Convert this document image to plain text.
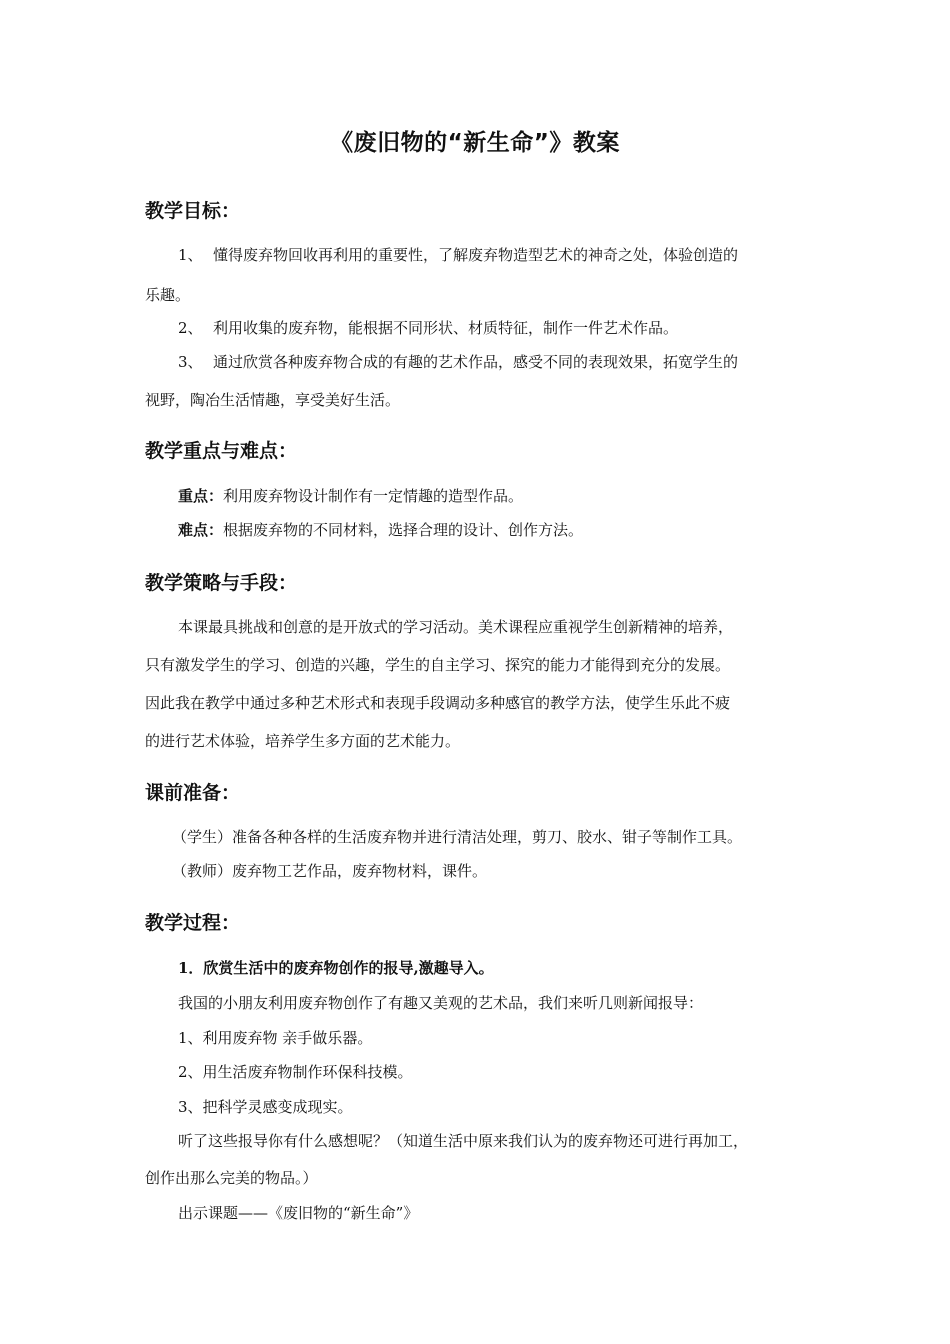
《废旧物的“新生命”》教案
教学目标：
1、 懂得废弃物回收再利用的重要性，了解废弃物造型艺术的神奇之处，体验创造的
乐趣。
2、 利用收集的废弃物，能根据不同形状、材质特征，制作一件艺术作品。
3、 通过欣赏各种废弃物合成的有趣的艺术作品，感受不同的表现效果，拓宽学生的
视野，陶冶生活情趣，享受美好生活。
教学重点与难点：
重点：利用废弃物设计制作有一定情趣的造型作品。
难点：根据废弃物的不同材料，选择合理的设计、创作方法。
教学策略与手段：
本课最具挑战和创意的是开放式的学习活动。美术课程应重视学生创新精神的培养，
只有激发学生的学习、创造的兴趣，学生的自主学习、探究的能力才能得到充分的发展。
因此我在教学中通过多种艺术形式和表现手段调动多种感官的教学方法，使学生乐此不疲
的进行艺术体验，培养学生多方面的艺术能力。
课前准备：
（学生）准备各种各样的生活废弃物并进行清洁处理，剪刀、胶水、钳子等制作工具。
（教师）废弃物工艺作品，废弃物材料，课件。
教学过程：
1．欣赏生活中的废弃物创作的报导,激趣导入。
我国的小朋友利用废弃物创作了有趣又美观的艺术品，我们来听几则新闻报导：
1、利用废弃物 亲手做乐器。
2、用生活废弃物制作环保科技模。
3、把科学灵感变成现实。
听了这些报导你有什么感想呢？（知道生活中原来我们认为的废弃物还可进行再加工，
创作出那么完美的物品。）
出示课题——《废旧物的“新生命”》
